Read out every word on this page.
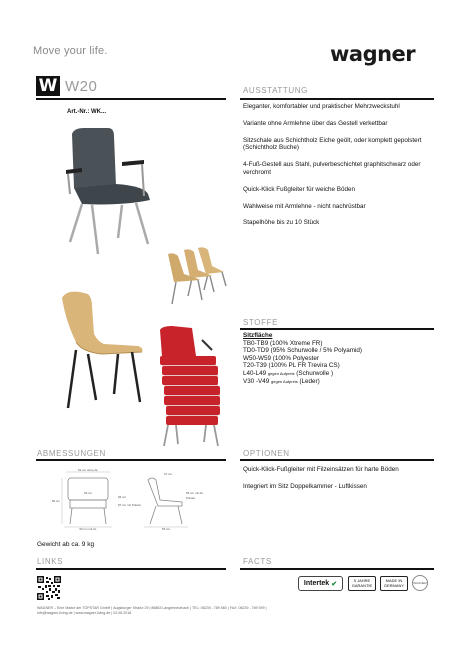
Move your life.	wagner
W W20	AUSSTATTUNG
Art.-Nr.: WK...
Eleganter, komfortabler und praktischer Mehrzweckstuhl
Variante ohne Armlehne über das Gestell verkettbar
Sitzschale aus Schichtholz Eiche geölt, oder komplett gepolstert (Schichtholz Buche)
4-Fuß-Gestell aus Stahl, pulverbeschichtet graphitschwarz oder verchromt
Quick-Klick Fußgleiter für weiche Böden
Wahlweise mit Armlehne - nicht nachrüstbar
Stapelhöhe bis zu 10 Stück
STOFFE
Sitzfläche
TB0-TB9 (100% Xtreme FR)
TD0-TD9 (95% Schurwolle / 5% Polyamid)
W50-W59 (100% Polyester
T20-T39 (100% PL FR Trevira CS)
L40-L49 gegen Aufpreis (Schurwolle )
V30 -V49 gegen Aufpreis (Leder)
ABMESSUNGEN	OPTIONEN
52 cm ohne AL
60 cm mit AL
82 cm
46 cm
66 cm
87 cm mit Polster
47 cm
55 cm mit AL
Polster
56 cm
Gewicht ab ca. 9 kg
Quick-Klick-Fußgleiter mit Filzeinsätzen für harte Böden
Integriert im Sitz Doppelkammer - Luftkissen
LINKS	FACTS
WAGNER – Eine Marke der TOPSTAR GmbH | Augsburger Straße 29 | 86863 Langenneufnach | TEL: 08239 - 789 560 | FAX: 08239 - 789 599 |
info@wagner-living.de | www.wagner-living.de | 02.05.2018
Intertek ✔
5 JAHRE GARANTIE
MADE IN GERMANY	WAGNER
